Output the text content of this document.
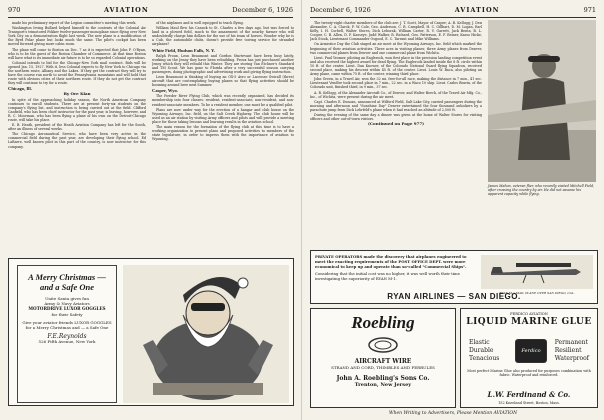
970	AVIATION	December 6, 1926

made his preliminary report of the Legion committee's meeting this week.

Washington Irving Bullard helped himself to the contents of the Colonial Air Transport's trimotored Fokker twelve-passenger monoplane since flying over New York City on a demonstration flight last week. The new plane is a modification of the Byrd Polar plane but looks much the same. The pilot's cockpit has been moved forward giving more cabin room.

The plane will come to Boston on Dec. 7 as it is expected that John F. O'Ryan, who is to be the guest of the Boston Chamber of Commerce. At that time Boston will have what is its immediate air future is to be so regarded Colonial operations.

Colonial intends to bid for the Chicago-New York mail contract. Bids will be opened Jan. 15, 1927. With it, less Colonial expects to fly New York to Chicago via the northern route, Albany and the Lakes. If they get the contract they will try to have the course run north to avoid the Pennsylvania mountains and will hold that route with obvious cities of their northern route. If they do not get the contract they will continue to try for a route.

Chicago, Ill.
By Ore Kian

In spite of the approaching holiday season, the North American Company continues to enroll students. There are at present forty-six students on the company's flying list, and instruction is being carried out at the field. Clifford Canfield, who has been chief instructor for the past year, is leaving, however, and R. C. Moorman, who has been flying a plane of his own on the Detroit-Chicago route, will take his place.

E. B. Heath, president of the Heath Aviation Company has left for the South, after an illness of several weeks.

The Chicago Aeronautical Service, who have been very active in the commercial field during the past year, are developing their flying school. Ed LaBarre, well known pilot in this part of the country, is now instructor for this company.

of the airplanes and is well equipped to teach flying.

William Maul flew his Canuck to St. Charles a few days ago, but was forced to land in a plowed field, much to the amazement of the nearby farmer who will undoubtedly charge him dollars for the use of his team of horses. Wonder why he is a Cub, the automobile clubs, doesn't provide free towing service for stranded airplanes?

White Field, Hudson Falls, N. Y.

Ralph Proux, Leon Beaumont and Gordon Sturtevant have been busy lately, working on the Jenny they have been rebuilding. Proux has just purchased another Jenny which they will rebuild this Winter. They are storing Van Etchner's Standard and TM Scout. We has gone to Florida after a very successful season carrying passengers, doing photographic and advertising work and giving flying instruction.

Leon Beaumont is thinking of buying an OX-5 Avro or Lacrosse Swirall (three) aircraft that are contemplating buying planes so that flying activities should be booming around here next Summer.

Casper, Wyo.

The Powder River Flying Club, which was recently organized, has decided its membership into four classes: resident, resident-associate, non-resident, and non-resident-associate members. To be a resident member, one must be a qualified pilot.

Plans are now under way for the erection of a hangar and club house on the Wyoming Airways, Inc. field, on the Salt Creek Highway. The club house will be used as an air station by visiting Army officers and pilots and will provide a meeting place for those taking lessons and learning results in the aviation school.

The main reason for the formation of the flying club at this time is to have a working organization to present plans and proposed activities to members of the state legislature, in order to impress them with the importance of aviation to Wyoming.

A Merry Christmas — and a Safe One
Unite Santa gives fun
Army & Navy Aviators
MOTORDRIVE LUXOR GOGGLES
for their Safety
Give your aviator friends LUXOR GOGGLES for a Merry Christmas and — a Safe One
F.E.Reynolds
526 Fifth Avenue, New York
December 6, 1926	AVIATION	971

The twenty-eight charter members of the club are: J. T. Scott, Mayor of Casper; A. R. Kellogg; J. Den Alexander, C. A. Clarck, F. W. Cole, Geo. Anderson, C. R. Campbell, H. C. Gillbart, D. M. Logan, Earl Kelly, I. H. Corbell, Walter Stores, Dick Leborak, William Carter, R. V. Garrett, Jack Benta, B. L. Cooper, C. B. Allen, D. F. Kasseye, Judd Walker, R. Richard, Geo. Patterson, E. F. Reiner, Kasso Hicke, Jack Stook, Lieutenant Commander Osgood, E. C. Tarrant and Mike Williams.

On Armistice Day the Club staged an air meet at the Wyoming Airways, Inc. field which marked the beginning of their aviation activities. Three aces in visiting planes; three Army planes from Denver, two commercial planes from Denver and one commercial plane from Wichita.

Lieut. Paul Yeomer, piloting an Eaglerock, won first place in the precision landing competition event and also received the highest award for dead flying. The Eaglerock landed inside the 8 ft. circle within 10 ft. of the center. Lieut. Dan Knower, of the Colorado National Guard flying Squadron, received second place, making his descent within 45 ft. of the center. Lieut. Louis W. Baca, also piloting an Army plane, came within 75 ft. of the center, winning third place.

John Green, in a Travel Air, won the 32 mi. free-for-all race, making the distance in 7 min., 41 sec. Lieutenant Vendler took second place in 7 min., 22 sec. in a Waco 10 ship. Lieut. Carlos Bravin, of the Colorado unit, finished third, in 9 min., 37 sec.

A. R. Kellogg, of the Alexander Aircraft Co., of Denver, and Walter Beech, of the Travel Air Mfg. Co., Inc., of Wichita, were present during the air meet.

Capt. Charles E. Duncan, announced at Wilford Field, Salt Lake City, carried passengers during the morning and afternoon and "Sunshine Day" Denver entertained the four thousand onlookers by a parachute jump from Dick Lehrfeld's plane when it had reached an altitude of 2,500 ft.

During the evening of the same day a dinner was given at the home of Walter Stores for visiting officers and other out-of-town visitors.

(Continued on Page 977)
James Mahon, veteran flier, who recently visited Mitchell Field, after crossing the country by air. He did not assume his apparent capacity while flying.
PRIVATE OPERATORS made the discovery that airplanes engineered to meet the exacting requirements of the POST OFFICE DEPT. were more economical to keep up and operate than so-called "Commercial Ships".
Considering that the initial cost was no higher, it was well worth their time investigating the superiority of RYAN M-1.
RYAN M-1 MAIL PLANE OVER SAN DIEGO, CAL.
RYAN AIRLINES — SAN DIEGO.
Roebling
AIRCRAFT WIRE
STRAND AND CORD, THIMBLES AND FERRULES
John A. Roebling's Sons Co.
Trenton, New Jersey
FERDICO AVIATION
LIQUID MARINE GLUE
Elastic
Durable
Tenacious
Ferdico
Permanent
Resilient
Waterproof
Most perfect Marine Glue also produced for purposes combination with fabric. Waterproof and reinforced.
L.W. Ferdinand & Co.
152 Kneeland Street, Boston, Mass.
When Writing to Advertisers, Please Mention AVIATION
